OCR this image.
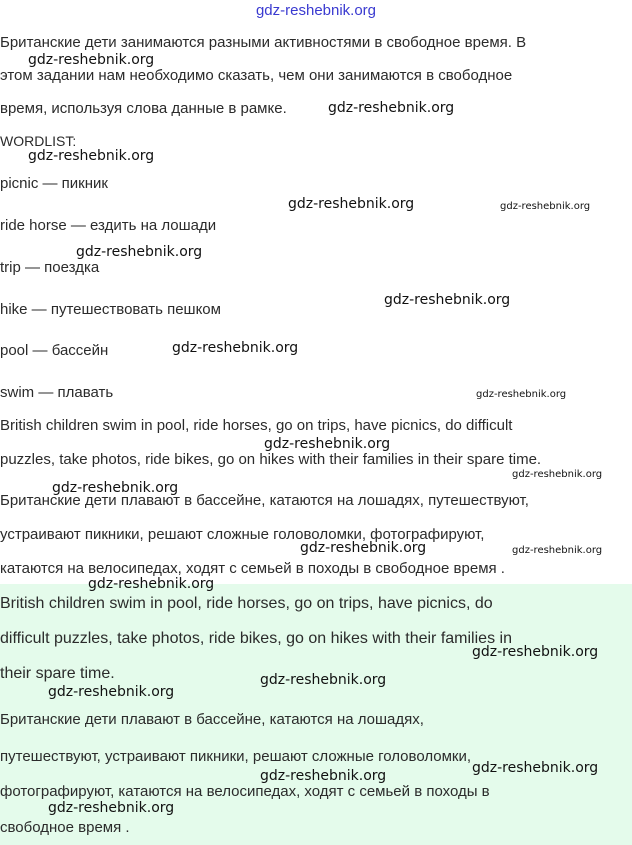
gdz-reshebnik.org
Британские дети занимаются разными активностями в свободное время. В
этом задании нам необходимо сказать, чем они занимаются в свободное
время, используя слова данные в рамке.
WORDLIST:
picnic — пикник
ride horse — ездить на лошади
trip — поездка
hike — путешествовать пешком
pool — бассейн
swim — плавать
British children swim in pool, ride horses, go on trips, have picnics, do difficult
puzzles, take photos, ride bikes, go on hikes with their families in their spare time.
Британские дети плавают в бассейне, катаются на лошадях, путешествуют,
устраивают пикники, решают сложные головоломки, фотографируют,
катаются на велосипедах, ходят с семьей в походы в свободное время .
British children swim in pool, ride horses, go on trips, have picnics, do
difficult puzzles, take photos, ride bikes, go on hikes with their families in
their spare time.
Британские дети плавают в бассейне, катаются на лошадях,
путешествуют, устраивают пикники, решают сложные головоломки,
фотографируют, катаются на велосипедах, ходят с семьей в походы в
свободное время .
gdz-reshebnik.org
gdz-reshebnik.org
gdz-reshebnik.org
gdz-reshebnik.org	gdz-reshebnik.org
gdz-reshebnik.org
gdz-reshebnik.org
gdz-reshebnik.org
gdz-reshebnik.org
gdz-reshebnik.org
gdz-reshebnik.org
gdz-reshebnik.org
gdz-reshebnik.org	gdz-reshebnik.org
gdz-reshebnik.org
gdz-reshebnik.org
gdz-reshebnik.org
gdz-reshebnik.org
gdz-reshebnik.org
gdz-reshebnik.org
gdz-reshebnik.org
